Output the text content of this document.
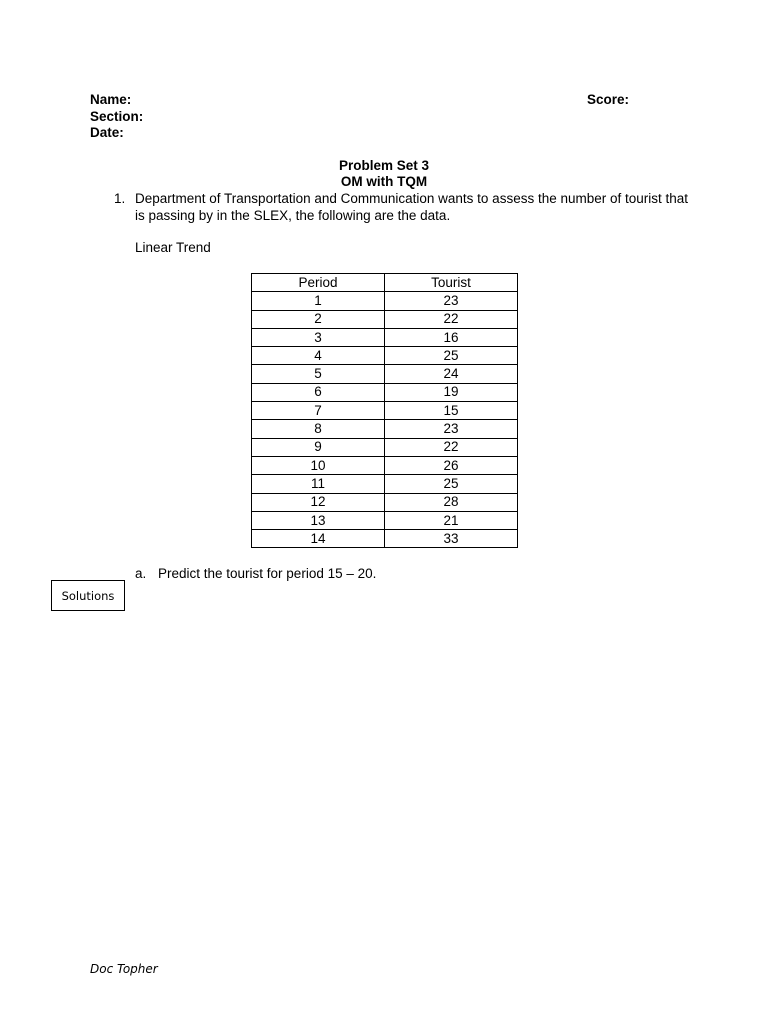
Name:
Section:
Date:
Score:
Problem Set 3
OM with TQM
1. Department of Transportation and Communication wants to assess the number of tourist that is passing by in the SLEX, the following are the data.
Linear Trend
Period	Tourist
1	23
2	22
3	16
4	25
5	24
6	19
7	15
8	23
9	22
10	26
11	25
12	28
13	21
14	33
a. Predict the tourist for period 15 – 20.
Solutions
Doc Topher
